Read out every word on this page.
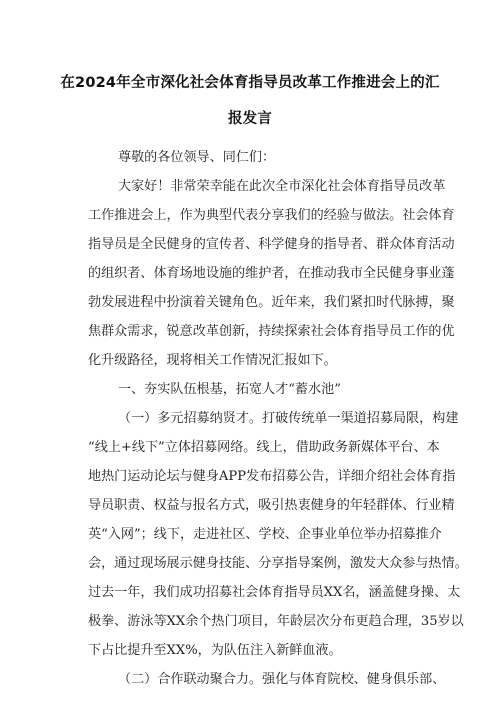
在2024年全市深化社会体育指导员改革工作推进会上的汇
报发言
尊敬的各位领导、同仁们：
大家好！非常荣幸能在此次全市深化社会体育指导员改革
工作推进会上，作为典型代表分享我们的经验与做法。社会体育
指导员是全民健身的宣传者、科学健身的指导者、群众体育活动
的组织者、体育场地设施的维护者，在推动我市全民健身事业蓬
勃发展进程中扮演着关键角色。近年来，我们紧扣时代脉搏，聚
焦群众需求，锐意改革创新，持续探索社会体育指导员工作的优
化升级路径，现将相关工作情况汇报如下。
一、夯实队伍根基，拓宽人才“蓄水池”
（一）多元招募纳贤才。打破传统单一渠道招募局限，构建
“线上+线下”立体招募网络。线上，借助政务新媒体平台、本
地热门运动论坛与健身APP发布招募公告，详细介绍社会体育指
导员职责、权益与报名方式，吸引热衷健身的年轻群体、行业精
英“入网”；线下，走进社区、学校、企事业单位举办招募推介
会，通过现场展示健身技能、分享指导案例，激发大众参与热情。
过去一年，我们成功招募社会体育指导员XX名，涵盖健身操、太
极拳、游泳等XX余个热门项目，年龄层次分布更趋合理，35岁以
下占比提升至XX%，为队伍注入新鲜血液。
（二）合作联动聚合力。强化与体育院校、健身俱乐部、
